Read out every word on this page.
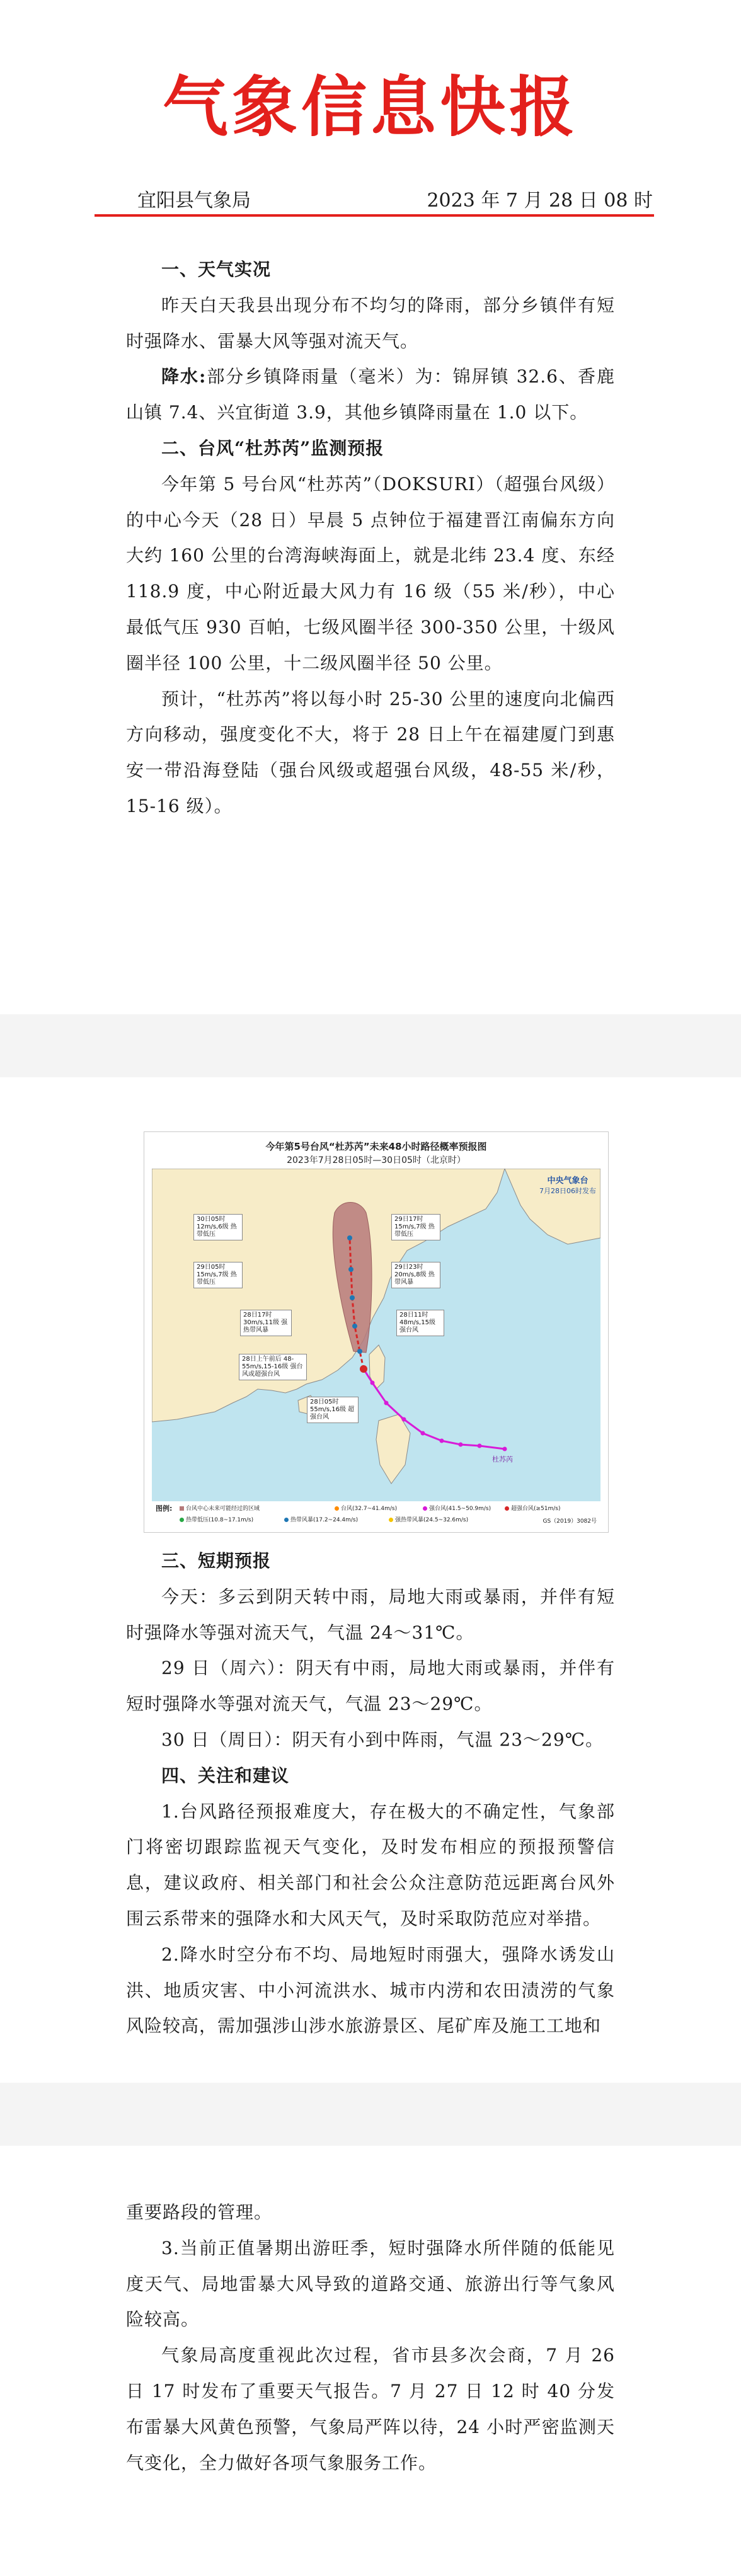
气象信息快报
宜阳县气象局	2023 年 7 月 28 日 08 时

一、天气实况

昨天白天我县出现分布不均匀的降雨，部分乡镇伴有短时强降水、雷暴大风等强对流天气。

降水:部分乡镇降雨量（毫米）为：锦屏镇 32.6、香鹿山镇 7.4、兴宜街道 3.9，其他乡镇降雨量在 1.0 以下。

二、台风“杜苏芮”监测预报

今年第 5 号台风“杜苏芮”（DOKSURI）（超强台风级）的中心今天（28 日）早晨 5 点钟位于福建晋江南偏东方向大约 160 公里的台湾海峡海面上，就是北纬 23.4 度、东经 118.9 度，中心附近最大风力有 16 级（55 米/秒），中心最低气压 930 百帕，七级风圈半径 300-350 公里，十级风圈半径 100 公里，十二级风圈半径 50 公里。

预计，“杜苏芮”将以每小时 25-30 公里的速度向北偏西方向移动，强度变化不大，将于 28 日上午在福建厦门到惠安一带沿海登陆（强台风级或超强台风级，48-55 米/秒，15-16 级）。

今年第5号台风“杜苏芮”未来48小时路径概率预报图
2023年7月28日05时—30日05时（北京时）
杜苏芮
中央气象台
7月28日06时发布
30日05时 12m/s,6级 热带低压
29日17时 15m/s,7级 热带低压
29日05时 15m/s,7级 热带低压
29日23时 20m/s,8级 热带风暴
28日17时 30m/s,11级 强热带风暴
28日11时 48m/s,15级 强台风
28日上午前后 48-55m/s,15-16级 强台风或超强台风
28日05时 55m/s,16级 超强台风
图例:	台风中心未来可能经过的区域
热带低压(10.8~17.1m/s)	热带风暴(17.2~24.4m/s)	强热带风暴(24.5~32.6m/s)
台风(32.7~41.4m/s)	强台风(41.5~50.9m/s)	超强台风(≥51m/s)
GS（2019）3082号

三、短期预报

今天：多云到阴天转中雨，局地大雨或暴雨，并伴有短时强降水等强对流天气，气温 24～31℃。

29 日（周六）：阴天有中雨，局地大雨或暴雨，并伴有短时强降水等强对流天气，气温 23～29℃。

30 日（周日）：阴天有小到中阵雨，气温 23～29℃。

四、关注和建议

1.台风路径预报难度大，存在极大的不确定性，气象部门将密切跟踪监视天气变化，及时发布相应的预报预警信息，建议政府、相关部门和社会公众注意防范远距离台风外围云系带来的强降水和大风天气，及时采取防范应对举措。

2.降水时空分布不均、局地短时雨强大，强降水诱发山洪、地质灾害、中小河流洪水、城市内涝和农田渍涝的气象风险较高，需加强涉山涉水旅游景区、尾矿库及施工工地和

重要路段的管理。

3.当前正值暑期出游旺季，短时强降水所伴随的低能见度天气、局地雷暴大风导致的道路交通、旅游出行等气象风险较高。

气象局高度重视此次过程，省市县多次会商，7 月 26 日 17 时发布了重要天气报告。7 月 27 日 12 时 40 分发布雷暴大风黄色预警，气象局严阵以待，24 小时严密监测天气变化，全力做好各项气象服务工作。
